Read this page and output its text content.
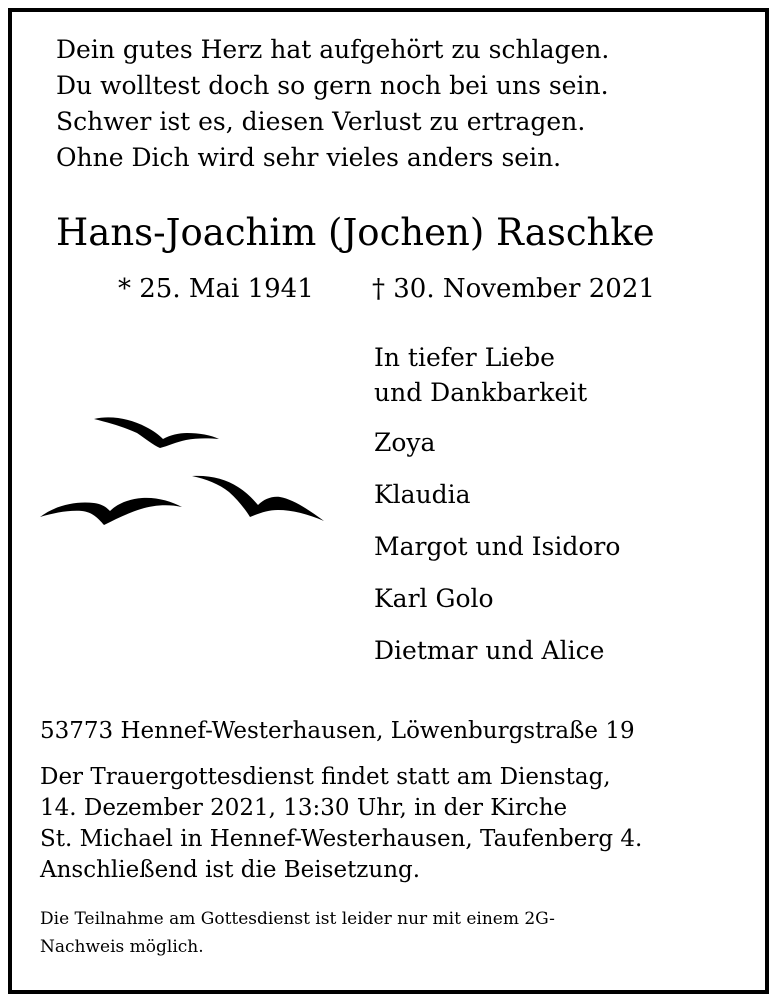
Dein gutes Herz hat aufgehört zu schlagen.
Du wolltest doch so gern noch bei uns sein.
Schwer ist es, diesen Verlust zu ertragen.
Ohne Dich wird sehr vieles anders sein.
Hans-Joachim (Jochen) Raschke
* 25. Mai 1941 † 30. November 2021
In tiefer Liebe
und Dankbarkeit
Zoya
Klaudia
Margot und Isidoro
Karl Golo
Dietmar und Alice
53773 Hennef-Westerhausen, Löwenburgstraße 19
Der Trauergottesdienst findet statt am Dienstag,
14. Dezember 2021, 13:30 Uhr, in der Kirche
St. Michael in Hennef-Westerhausen, Taufenberg 4.
Anschließend ist die Beisetzung.
Die Teilnahme am Gottesdienst ist leider nur mit einem 2G-
Nachweis möglich.
